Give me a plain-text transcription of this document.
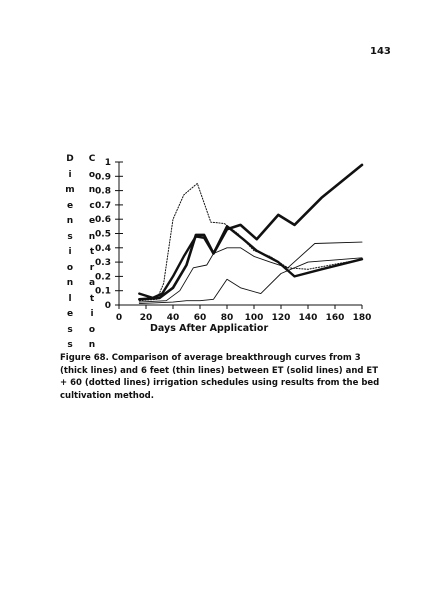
143
D
i
m
e
n
s
i
o
n
l
e
s
s
C
o
n
c
e
n
t
r
a
t
i
o
n
0 20 40 60 80 100 120 140 160 180
0
0.1
0.2
0.3
0.4
0.5
0.6
0.7
0.8
0.9
1
Days After Applicatior
Figure 68. Comparison of average breakthrough curves from 3 (thick lines) and 6 feet (thin lines) between ET (solid lines) and ET + 60 (dotted lines) irrigation schedules using results from the bed cultivation method.
